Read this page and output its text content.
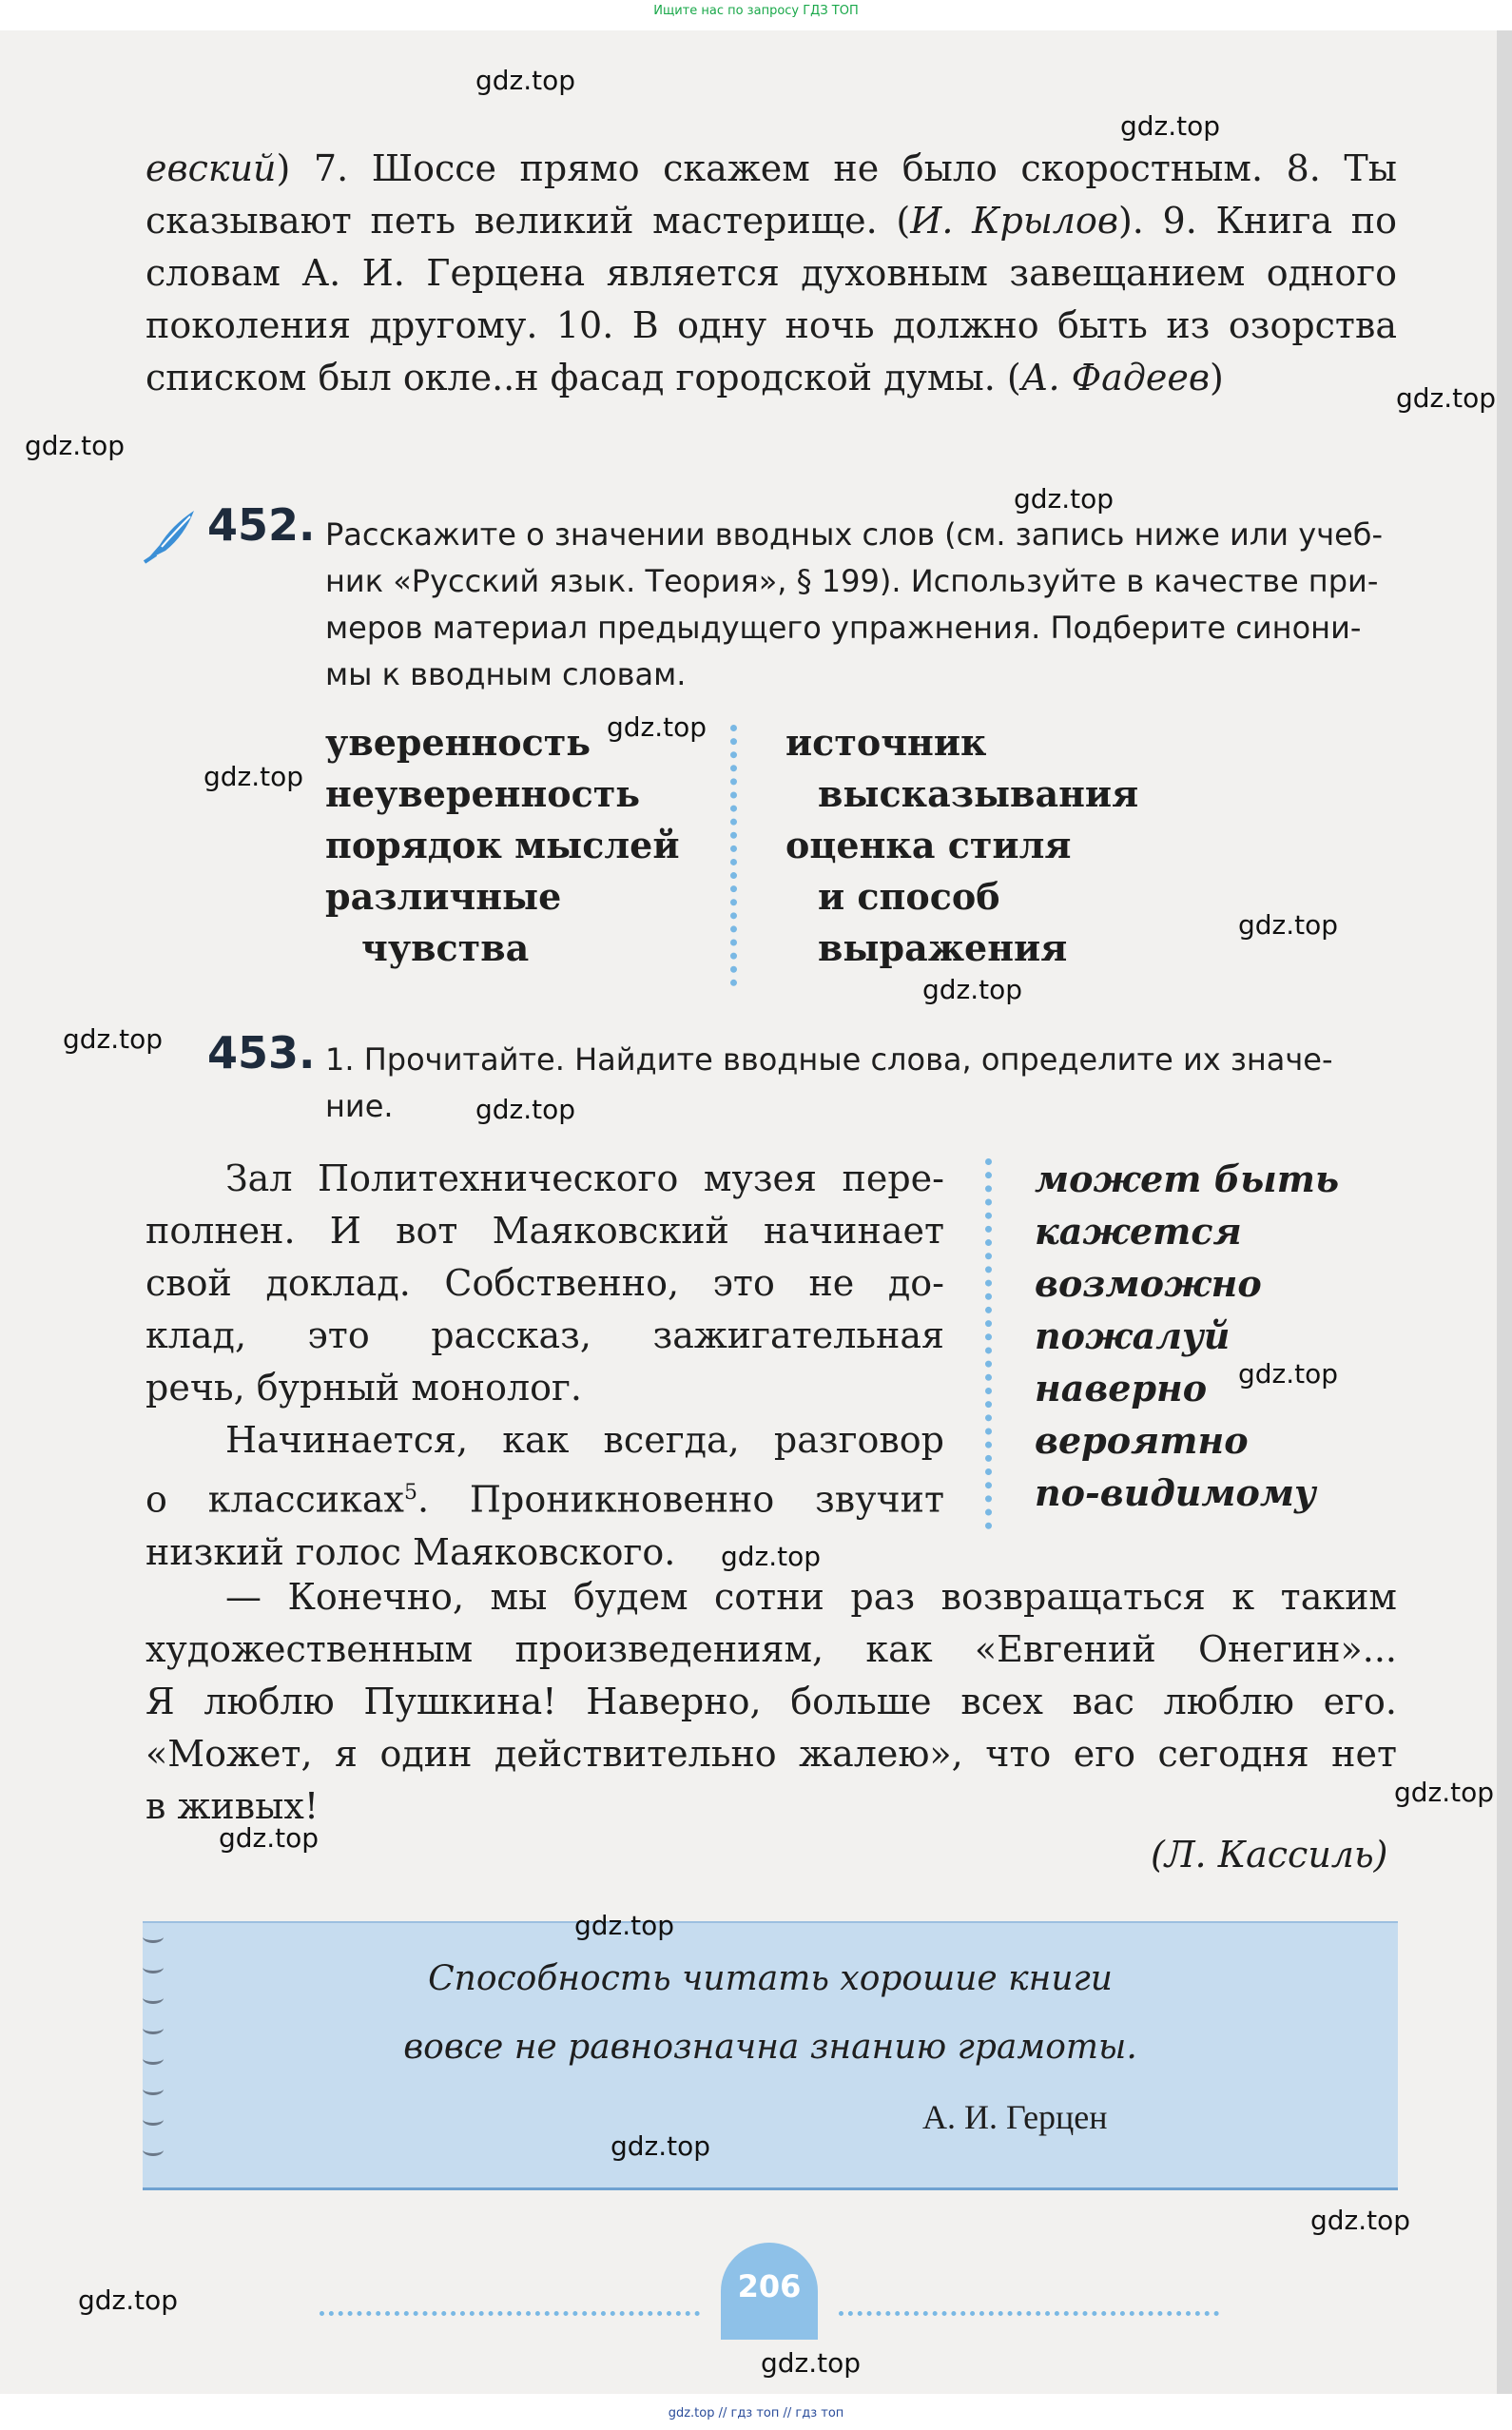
Ищите нас по запросу ГДЗ ТОП

евский) 7. Шоссе прямо скажем не было скоростным. 8. Ты сказывают петь великий мастерище. (И. Крылов). 9. Книга по словам А. И. Герцена является духовным завещанием одного поколения другому. 10. В одну ночь должно быть из озорства списком был окле..н фасад городской думы. (А. Фадеев)

452. Расскажите о значении вводных слов (см. запись ниже или учеб-
ник «Русский язык. Теория», § 199). Используйте в качестве при-
меров материал предыдущего упражнения. Подберите синони-
мы к вводным словам.
уверенность
неуверенность
порядок мыслей
различные
чувства
источник
высказывания
оценка стиля
и способ
выражения
453. 1. Прочитайте. Найдите вводные слова, определите их значе-
ние.
Зал Политехнического музея пере-
полнен. И вот Маяковский начинает
свой доклад. Собственно, это не до-
клад, это рассказ, зажигательная
речь, бурный монолог.
Начинается, как всегда, разговор
о классиках$^5$. Проникновенно звучит
низкий голос Маяковского.
может быть
кажется
возможно
пожалуй
наверно
вероятно
по-видимому
— Конечно, мы будем сотни раз возвращаться к таким
художественным произведениям, как «Евгений Онегин»...
Я люблю Пушкина! Наверно, больше всех вас люблю его.
«Может, я один действительно жалею», что его сегодня нет
в живых!
(Л. Кассиль)
Способность читать хорошие книги
вовсе не равнозначна знанию грамоты.
А. И. Герцен
206
gdz.top
gdz.top
gdz.top
gdz.top
gdz.top
gdz.top
gdz.top
gdz.top
gdz.top
gdz.top
gdz.top
gdz.top
gdz.top
gdz.top
gdz.top
gdz.top
gdz.top
gdz.top
gdz.top
gdz.top
gdz.top // гдз топ // гдз топ
